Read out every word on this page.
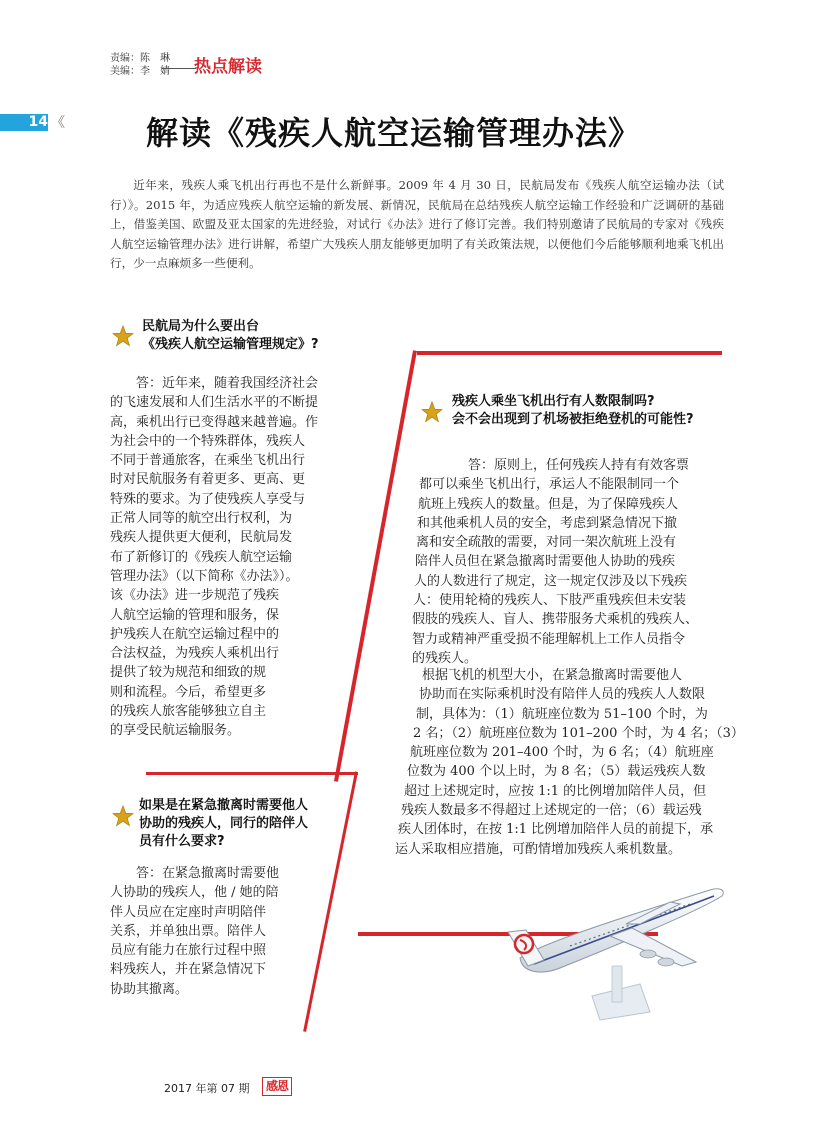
责编：陈　琳
美编：李　婧 热点解读
14 《	解读《残疾人航空运输管理办法》
近年来，残疾人乘飞机出行再也不是什么新鲜事。2009 年 4 月 30 日，民航局发布《残疾人航空运输办法（试行）》。2015 年，为适应残疾人航空运输的新发展、新情况，民航局在总结残疾人航空运输工作经验和广泛调研的基础上，借鉴美国、欧盟及亚太国家的先进经验，对试行《办法》进行了修订完善。我们特别邀请了民航局的专家对《残疾人航空运输管理办法》进行讲解，希望广大残疾人朋友能够更加明了有关政策法规，以便他们今后能够顺利地乘飞机出行，少一点麻烦多一些便利。
民航局为什么要出台
《残疾人航空运输管理规定》?
答：近年来，随着我国经济社会
的飞速发展和人们生活水平的不断提
高，乘机出行已变得越来越普遍。作
为社会中的一个特殊群体，残疾人
不同于普通旅客，在乘坐飞机出行
时对民航服务有着更多、更高、更
特殊的要求。为了使残疾人享受与
正常人同等的航空出行权利，为
残疾人提供更大便利，民航局发
布了新修订的《残疾人航空运输
管理办法》（以下简称《办法》）。
该《办法》进一步规范了残疾
人航空运输的管理和服务，保
护残疾人在航空运输过程中的
合法权益，为残疾人乘机出行
提供了较为规范和细致的规
则和流程。今后，希望更多
的残疾人旅客能够独立自主
的享受民航运输服务。
残疾人乘坐飞机出行有人数限制吗?
会不会出现到了机场被拒绝登机的可能性?
答：原则上，任何残疾人持有有效客票
都可以乘坐飞机出行，承运人不能限制同一个
航班上残疾人的数量。但是，为了保障残疾人
和其他乘机人员的安全，考虑到紧急情况下撤
离和安全疏散的需要，对同一架次航班上没有
陪伴人员但在紧急撤离时需要他人协助的残疾
人的人数进行了规定，这一规定仅涉及以下残疾
人：使用轮椅的残疾人、下肢严重残疾但未安装
假肢的残疾人、盲人、携带服务犬乘机的残疾人、
智力或精神严重受损不能理解机上工作人员指令
的残疾人。
根据飞机的机型大小，在紧急撤离时需要他人
协助而在实际乘机时没有陪伴人员的残疾人人数限
制，具体为：（1）航班座位数为 51–100 个时，为
2 名；（2）航班座位数为 101–200 个时，为 4 名；（3）
航班座位数为 201–400 个时，为 6 名；（4）航班座
位数为 400 个以上时，为 8 名；（5）载运残疾人数
超过上述规定时，应按 1:1 的比例增加陪伴人员，但
残疾人数最多不得超过上述规定的一倍；（6）载运残
疾人团体时，在按 1:1 比例增加陪伴人员的前提下，承
运人采取相应措施，可酌情增加残疾人乘机数量。
如果是在紧急撤离时需要他人
协助的残疾人，同行的陪伴人
员有什么要求?
答：在紧急撤离时需要他
人协助的残疾人，他 / 她的陪
伴人员应在定座时声明陪伴
关系，并单独出票。陪伴人
员应有能力在旅行过程中照
料残疾人，并在紧急情况下
协助其撤离。
2017 年第 07 期	感恩
